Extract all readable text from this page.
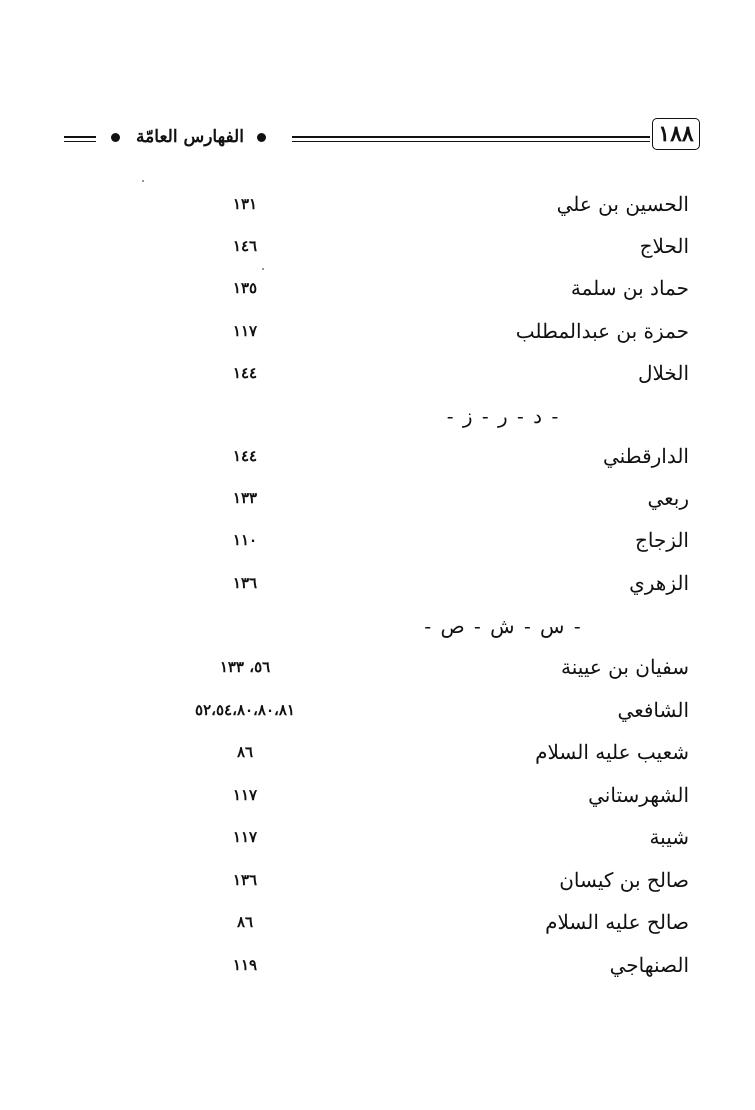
الفهارس العامّة	١٨٨
الحسين بن علي
١٣١
الحلاج
١٤٦
حماد بن سلمة
١٣٥
حمزة بن عبدالمطلب
١١٧
الخلال
١٤٤
- د - ر - ز -
الدارقطني
١٤٤
ربعي
١٣٣
الزجاج
١١٠
الزهري
١٣٦
- س - ش - ص -
سفيان بن عيينة
٥٦، ١٣٣
الشافعي
٥٢،٥٤،٨٠،٨٠،٨١
شعيب عليه السلام
٨٦
الشهرستاني
١١٧
شيبة
١١٧
صالح بن كيسان
١٣٦
صالح عليه السلام
٨٦
الصنهاجي
١١٩
